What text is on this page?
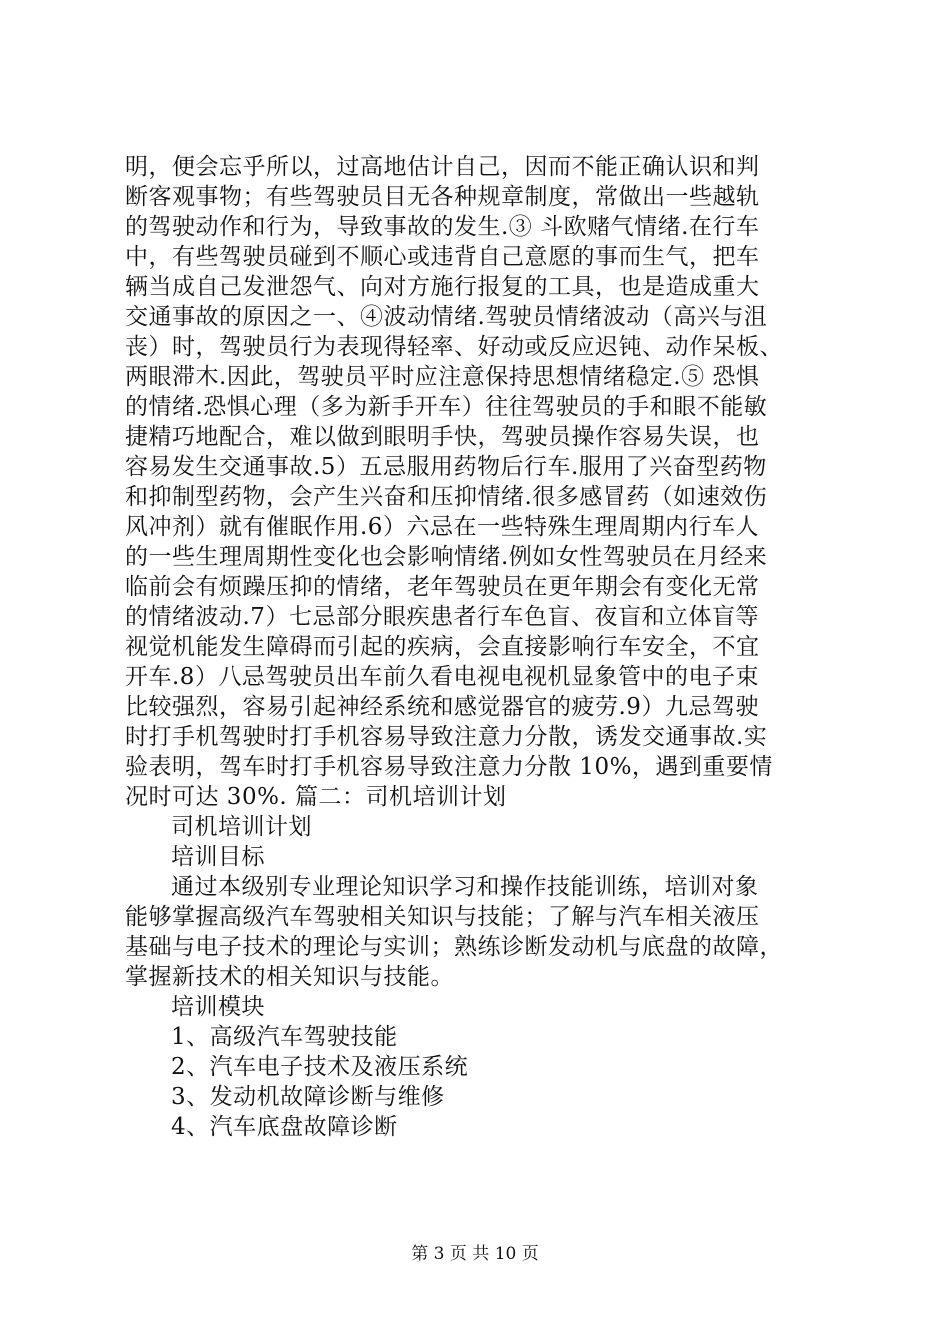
明，便会忘乎所以，过高地估计自己，因而不能正确认识和判
断客观事物；有些驾驶员目无各种规章制度，常做出一些越轨
的驾驶动作和行为，导致事故的发生.③ 斗欧赌气情绪.在行车
中，有些驾驶员碰到不顺心或违背自己意愿的事而生气，把车
辆当成自己发泄怨气、向对方施行报复的工具，也是造成重大
交通事故的原因之一、④波动情绪.驾驶员情绪波动（高兴与沮
丧）时，驾驶员行为表现得轻率、好动或反应迟钝、动作呆板、
两眼滞木.因此，驾驶员平时应注意保持思想情绪稳定.⑤ 恐惧
的情绪.恐惧心理（多为新手开车）往往驾驶员的手和眼不能敏
捷精巧地配合，难以做到眼明手快，驾驶员操作容易失误，也
容易发生交通事故.5）五忌服用药物后行车.服用了兴奋型药物
和抑制型药物，会产生兴奋和压抑情绪.很多感冒药（如速效伤
风冲剂）就有催眠作用.6）六忌在一些特殊生理周期内行车人
的一些生理周期性变化也会影响情绪.例如女性驾驶员在月经来
临前会有烦躁压抑的情绪，老年驾驶员在更年期会有变化无常
的情绪波动.7）七忌部分眼疾患者行车色盲、夜盲和立体盲等
视觉机能发生障碍而引起的疾病，会直接影响行车安全，不宜
开车.8）八忌驾驶员出车前久看电视电视机显象管中的电子束
比较强烈，容易引起神经系统和感觉器官的疲劳.9）九忌驾驶
时打手机驾驶时打手机容易导致注意力分散，诱发交通事故.实
验表明，驾车时打手机容易导致注意力分散 10%，遇到重要情
况时可达 30%. 篇二：司机培训计划
司机培训计划
培训目标
通过本级别专业理论知识学习和操作技能训练，培训对象
能够掌握高级汽车驾驶相关知识与技能；了解与汽车相关液压
基础与电子技术的理论与实训；熟练诊断发动机与底盘的故障，
掌握新技术的相关知识与技能。
培训模块
1、高级汽车驾驶技能
2、汽车电子技术及液压系统
3、发动机故障诊断与维修
4、汽车底盘故障诊断
第 3 页 共 10 页
